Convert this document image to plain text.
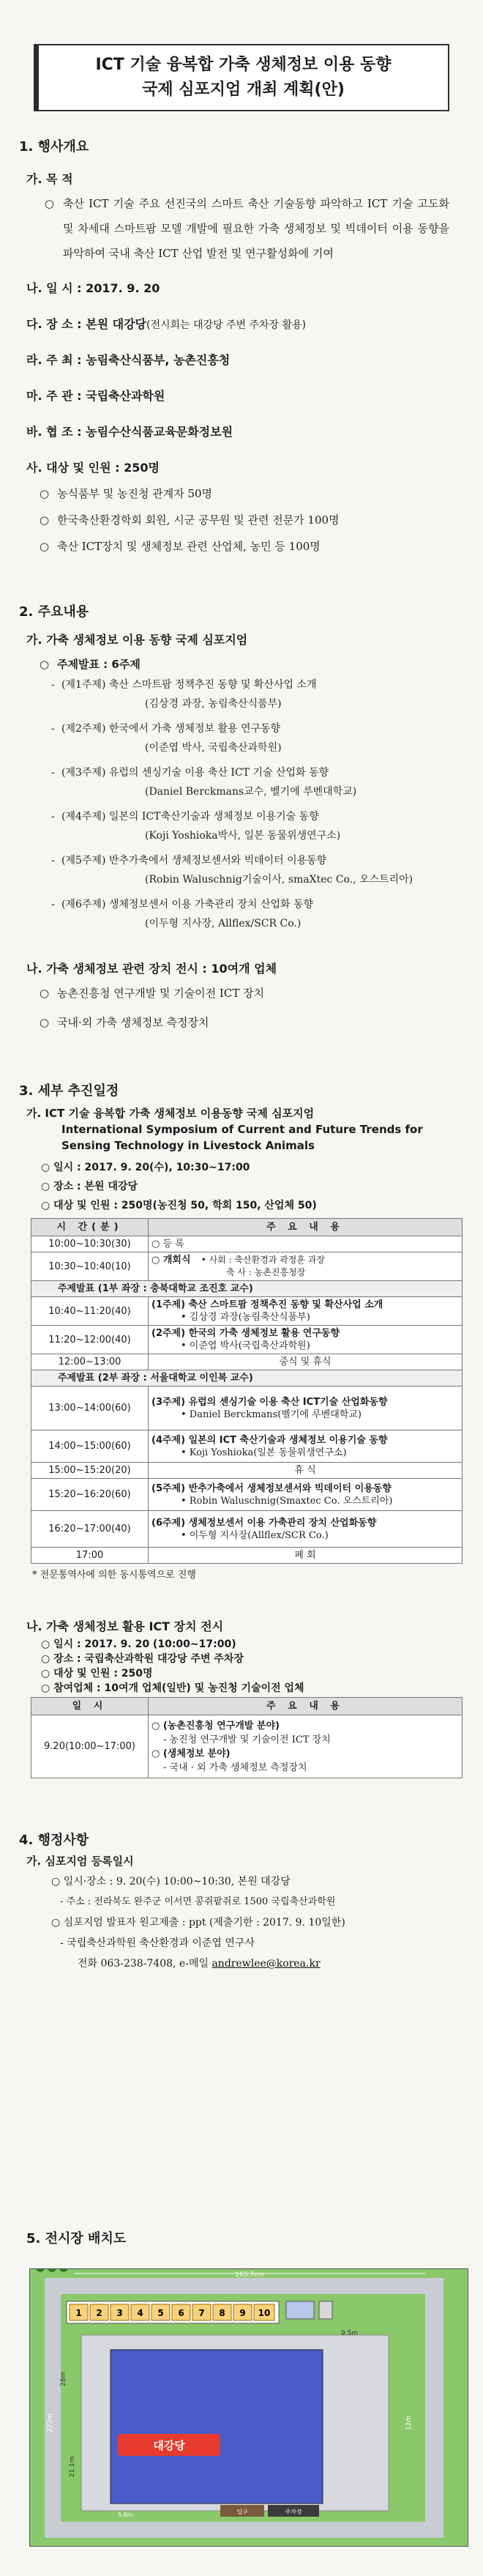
ICT 기술 융복합 가축 생체정보 이용 동향
국제 심포지엄 개최 계획(안)
1. 행사개요
가. 목 적
○ 축산 ICT 기술 주요 선진국의 스마트 축산 기술동향 파악하고 ICT 기술 고도화 및 차세대 스마트팜 모델 개발에 필요한 가축 생체정보 및 빅데이터 이용 동향을 파악하여 국내 축산 ICT 산업 발전 및 연구활성화에 기여
나. 일 시 : 2017. 9. 20
다. 장 소 : 본원 대강당(전시회는 대강당 주변 주차장 활용)
라. 주 최 : 농림축산식품부, 농촌진흥청
마. 주 관 : 국립축산과학원
바. 협 조 : 농림수산식품교육문화정보원
사. 대상 및 인원 : 250명
○ 농식품부 및 농진청 관계자 50명
○ 한국축산환경학회 회원, 시군 공무원 및 관련 전문가 100명
○ 축산 ICT장치 및 생체정보 관련 산업체, 농민 등 100명
2. 주요내용
가. 가축 생체정보 이용 동향 국제 심포지엄
○ 주제발표 : 6주제
- (제1주제) 축산 스마트팜 정책추진 동향 및 확산사업 소개
(김상경 과장, 농림축산식품부)
- (제2주제) 한국에서 가축 생체정보 활용 연구동향
(이준엽 박사, 국립축산과학원)
- (제3주제) 유럽의 센싱기술 이용 축산 ICT 기술 산업화 동향
(Daniel Berckmans교수, 벨기에 루벤대학교)
- (제4주제) 일본의 ICT축산기술과 생체정보 이용기술 동향
(Koji Yoshioka박사, 일본 동물위생연구소)
- (제5주제) 반추가축에서 생체정보센서와 빅데이터 이용동향
(Robin Waluschnig기술이사, smaXtec Co., 오스트리아)
- (제6주제) 생체정보센서 이용 가축관리 장치 산업화 동향
(이두형 지사장, Allflex/SCR Co.)
나. 가축 생체정보 관련 장치 전시 : 10여개 업체
○ 농촌진흥청 연구개발 및 기술이전 ICT 장치
○ 국내·외 가축 생체정보 측정장치
3. 세부 추진일정
가. ICT 기술 융복합 가축 생체정보 이용동향 국제 심포지엄
International Symposium of Current and Future Trends for
Sensing Technology in Livestock Animals
○ 일시 : 2017. 9. 20(수), 10:30~17:00
○ 장소 : 본원 대강당
○ 대상 및 인원 : 250명(농진청 50, 학회 150, 산업체 50)
시 간(분)	주 요 내 용
10:00~10:30(30)	○ 등 록
10:30~10:40(10)	○ 개회식 • 사회 : 축산환경과 곽정훈 과장
축 사 : 농촌진흥청장
주제발표 (1부 좌장 : 충북대학교 조진호 교수)	
10:40~11:20(40)	(1주제) 축산 스마트팜 정책추진 동향 및 확산사업 소개
• 김상경 과장(농림축산식품부)
11:20~12:00(40)	(2주제) 한국의 가축 생체정보 활용 연구동향
• 이준엽 박사(국립축산과학원)
12:00~13:00	중식 및 휴식
주제발표 (2부 좌장 : 서울대학교 이인복 교수)	
13:00~14:00(60)	(3주제) 유럽의 센싱기술 이용 축산 ICT기술 산업화동향
• Daniel Berckmans(벨기에 루벤대학교)
14:00~15:00(60)	(4주제) 일본의 ICT 축산기술과 생체정보 이용기술 동향
• Koji Yoshioka(일본 동물위생연구소)
15:00~15:20(20)	휴 식
15:20~16:20(60)	(5주제) 반추가축에서 생체정보센서와 빅데이터 이용동향
• Robin Waluschnig(Smaxtec Co. 오스트리아)
16:20~17:00(40)	(6주제) 생체정보센서 이용 가축관리 장치 산업화동향
• 이두형 지사장(Allflex/SCR Co.)
17:00	폐 회
* 전문통역사에 의한 동시통역으로 진행
나. 가축 생체정보 활용 ICT 장치 전시
○ 일시 : 2017. 9. 20 (10:00~17:00)
○ 장소 : 국립축산과학원 대강당 주변 주차장
○ 대상 및 인원 : 250명
○ 참여업체 : 10여개 업체(일반) 및 농진청 기술이전 업체
일 시	주 요 내 용
9.20(10:00~17:00)	○ (농촌진흥청 연구개발 분야)
- 농진청 연구개발 및 기술이전 ICT 장치
○ (생체정보 분야)
- 국내 · 외 가축 생체정보 측정장치
4. 행정사항
가. 심포지엄 등록일시
○ 일시·장소 : 9. 20(수) 10:00~10:30, 본원 대강당
- 주소 : 전라북도 완주군 이서면 콩쥐팥쥐로 1500 국립축산과학원
○ 심포지엄 발표자 원고제출 : ppt (제출기한 : 2017. 9. 10일한)
- 국립축산과학원 축산환경과 이준엽 연구사
전화 063-238-7408, e-메일 andrewlee@korea.kr
5. 전시장 배치도
165.7cm
1 2 3 4 5 6 7 8 9 10
272m
28m
21.1m
대강당
9.5m
12m
5.6m	입구	주차장
